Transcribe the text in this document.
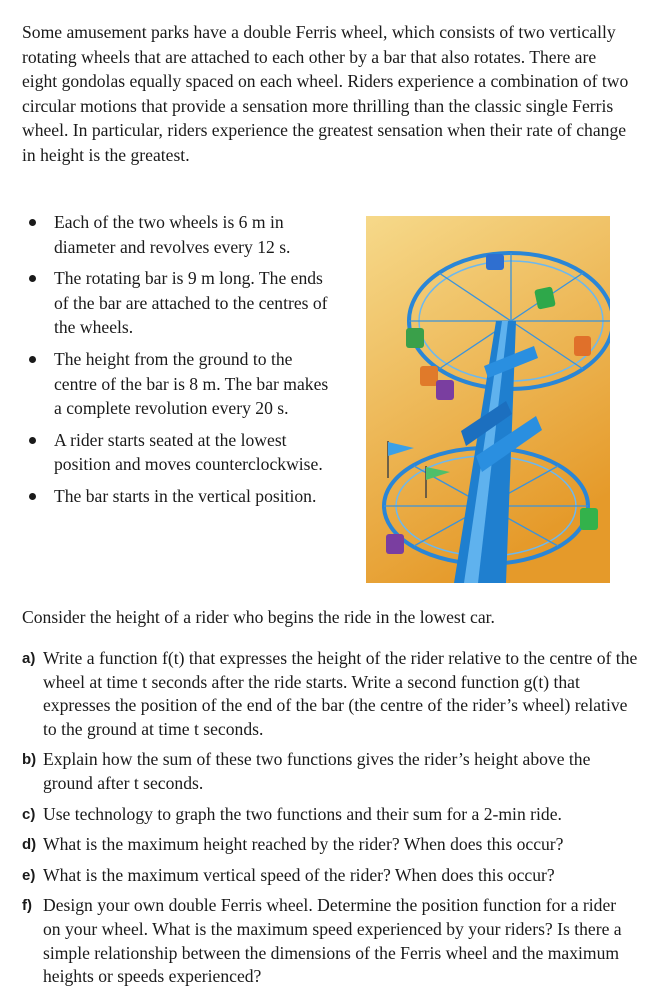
Some amusement parks have a double Ferris wheel, which consists of two vertically rotating wheels that are attached to each other by a bar that also rotates. There are eight gondolas equally spaced on each wheel. Riders experience a combination of two circular motions that provide a sensation more thrilling than the classic single Ferris wheel. In particular, riders experience the greatest sensation when their rate of change in height is the greatest.

Each of the two wheels is 6 m in diameter and revolves every 12 s.
The rotating bar is 9 m long. The ends of the bar are attached to the centres of the wheels.
The height from the ground to the centre of the bar is 8 m. The bar makes a complete revolution every 20 s.
A rider starts seated at the lowest position and moves counterclockwise.
The bar starts in the vertical position.

Consider the height of a rider who begins the ride in the lowest car.

a) Write a function f(t) that expresses the height of the rider relative to the centre of the wheel at time t seconds after the ride starts. Write a second function g(t) that expresses the position of the end of the bar (the centre of the rider’s wheel) relative to the ground at time t seconds.
b) Explain how the sum of these two functions gives the rider’s height above the ground after t seconds.
c) Use technology to graph the two functions and their sum for a 2-min ride.
d) What is the maximum height reached by the rider? When does this occur?
e) What is the maximum vertical speed of the rider? When does this occur?
f) Design your own double Ferris wheel. Determine the position function for a rider on your wheel. What is the maximum speed experienced by your riders? Is there a simple relationship between the dimensions of the Ferris wheel and the maximum heights or speeds experienced?
